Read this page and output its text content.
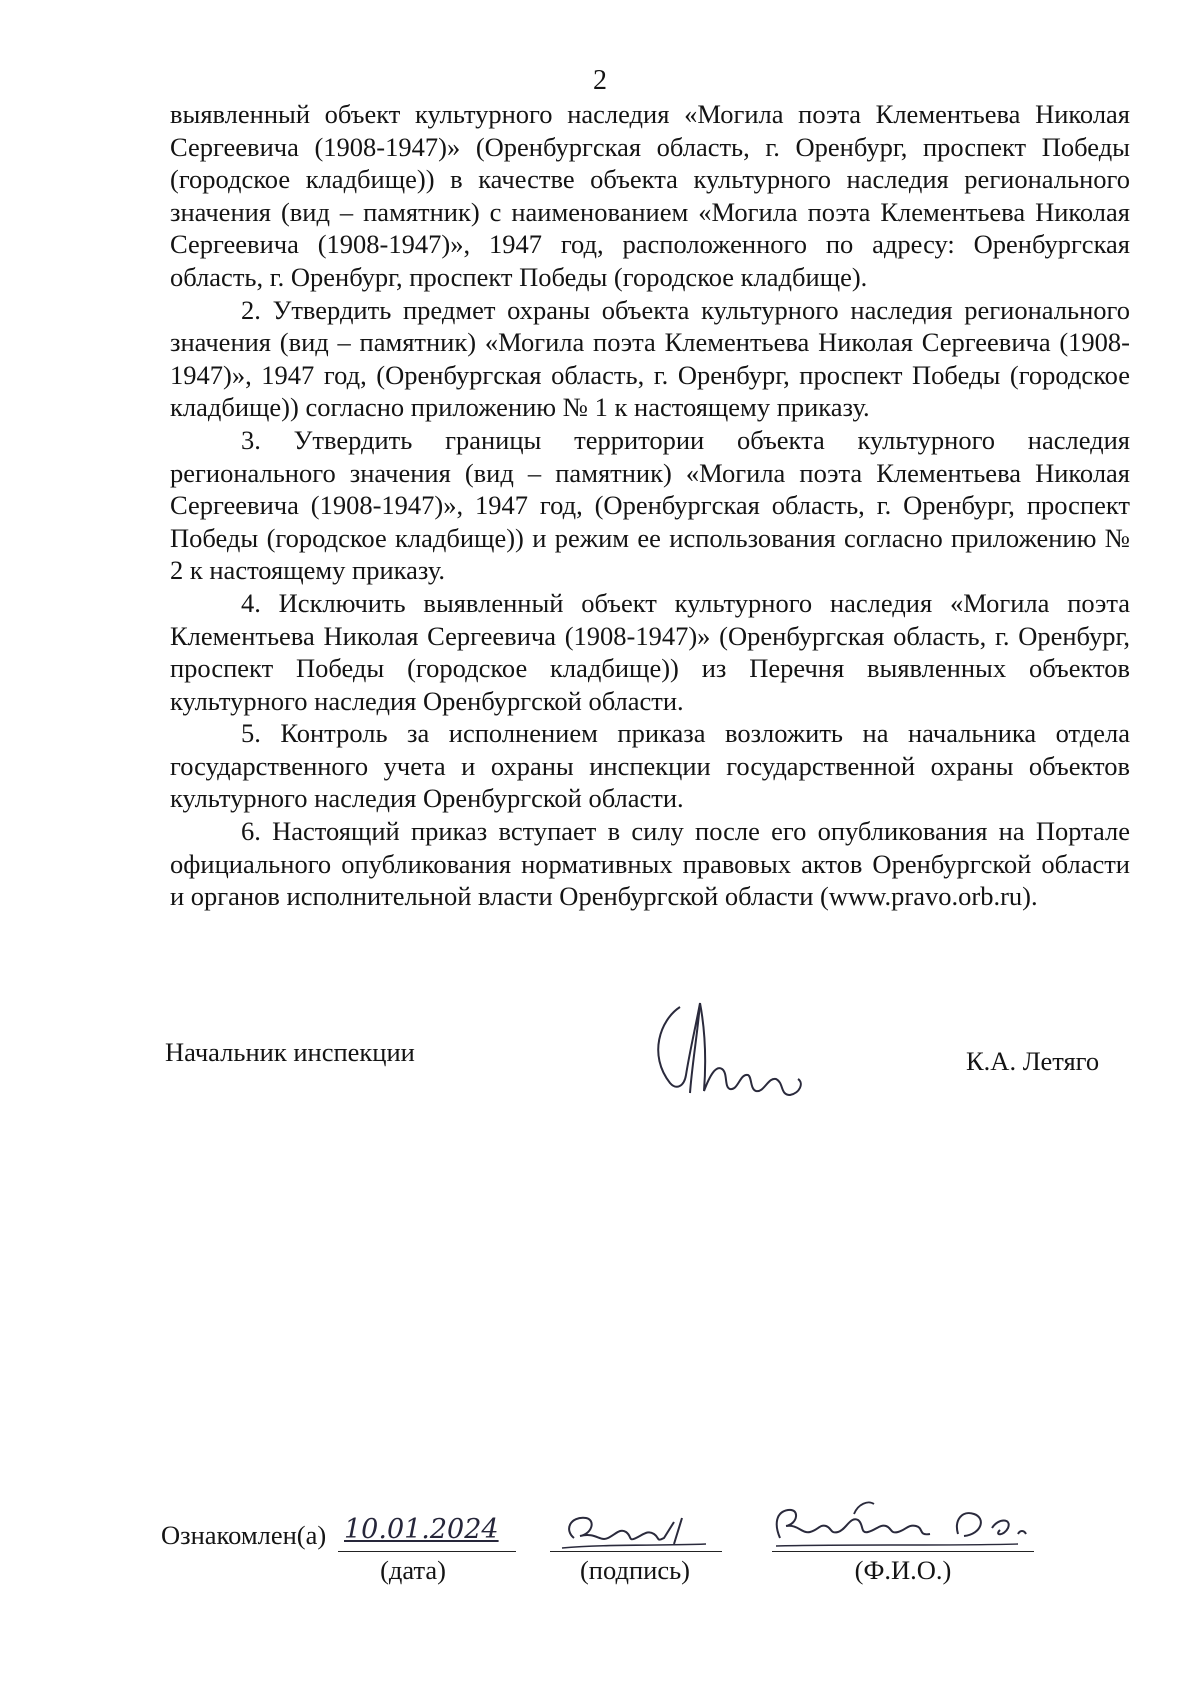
2

выявленный объект культурного наследия «Могила поэта Клементьева Николая Сергеевича (1908-1947)» (Оренбургская область, г. Оренбург, проспект Победы (городское кладбище)) в качестве объекта культурного наследия регионального значения (вид – памятник) с наименованием «Могила поэта Клементьева Николая Сергеевича (1908-1947)», 1947 год, расположенного по адресу: Оренбургская область, г. Оренбург, проспект Победы (городское кладбище).

2. Утвердить предмет охраны объекта культурного наследия регионального значения (вид – памятник) «Могила поэта Клементьева Николая Сергеевича (1908-1947)», 1947 год, (Оренбургская область, г. Оренбург, проспект Победы (городское кладбище)) согласно приложению № 1 к настоящему приказу.

3. Утвердить границы территории объекта культурного наследия регионального значения (вид – памятник) «Могила поэта Клементьева Николая Сергеевича (1908-1947)», 1947 год, (Оренбургская область, г. Оренбург, проспект Победы (городское кладбище)) и режим ее использования согласно приложению № 2 к настоящему приказу.

4. Исключить выявленный объект культурного наследия «Могила поэта Клементьева Николая Сергеевича (1908-1947)» (Оренбургская область, г. Оренбург, проспект Победы (городское кладбище)) из Перечня выявленных объектов культурного наследия Оренбургской области.

5. Контроль за исполнением приказа возложить на начальника отдела государственного учета и охраны инспекции государственной охраны объектов культурного наследия Оренбургской области.

6. Настоящий приказ вступает в силу после его опубликования на Портале официального опубликования нормативных правовых актов Оренбургской области и органов исполнительной власти Оренбургской области (www.pravo.orb.ru).

Начальник инспекции	К.А. Летяго
Ознакомлен(а) 10.01.2024
(дата)	(подпись)	(Ф.И.О.)
